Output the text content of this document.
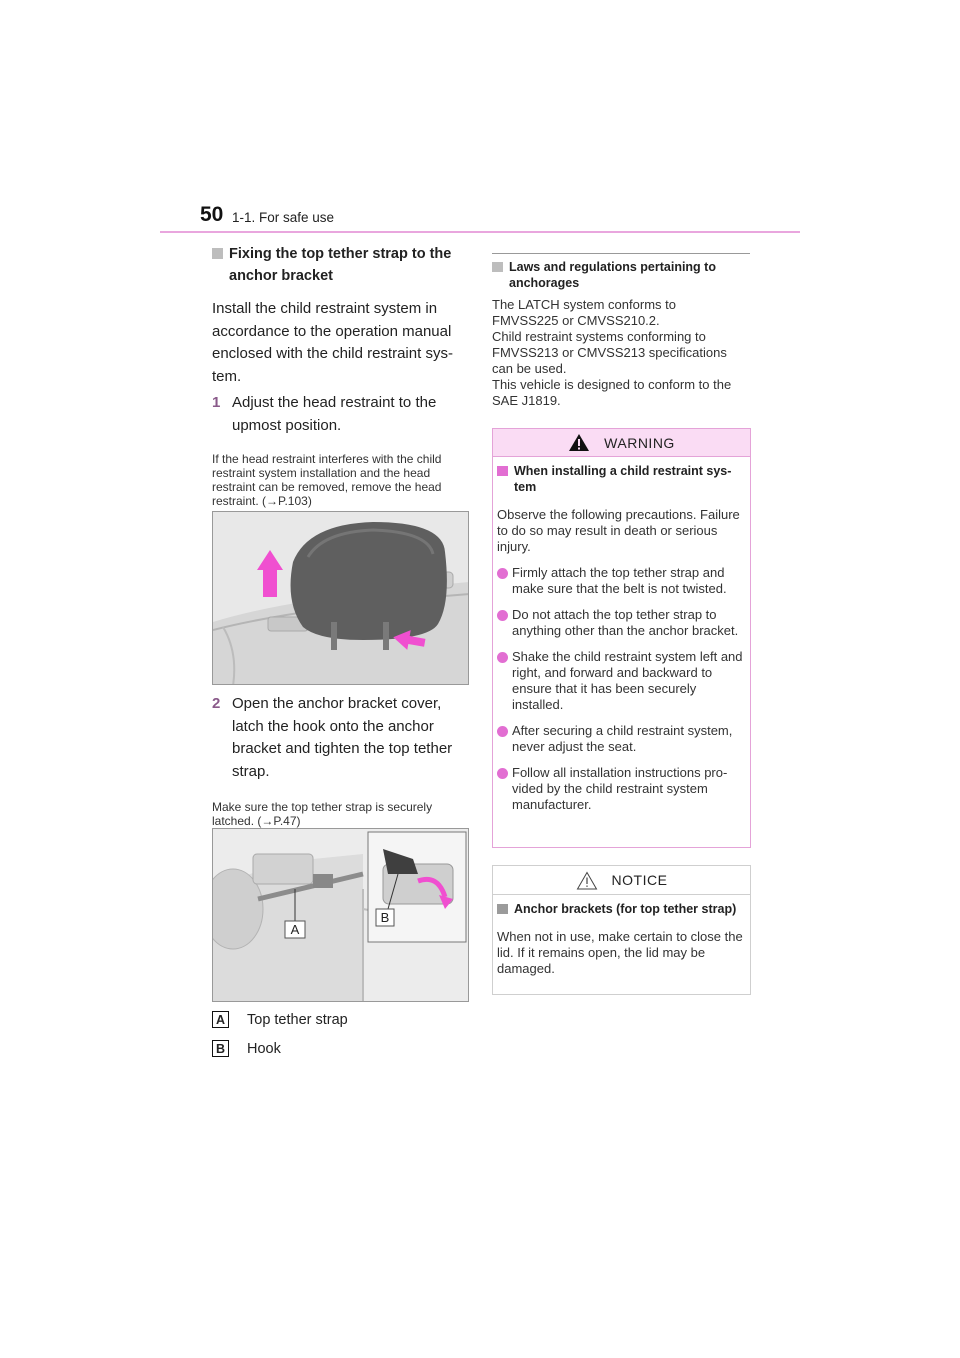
50 1-1. For safe use
Fixing the top tether strap to the
anchor bracket

Install the child restraint system in accordance to the operation manual enclosed with the child restraint sys- tem.

1 Adjust the head restraint to the upmost position.

If the head restraint interferes with the child restraint system installation and the head restraint can be removed, remove the head restraint. (→P.103)

2 Open the anchor bracket cover, latch the hook onto the anchor bracket and tighten the top tether strap.

Make sure the top tether strap is securely latched. (→P.47)

A
B
A Top tether strap
B Hook
Laws and regulations pertaining to
anchorages
The LATCH system conforms to
FMVSS225 or CMVSS210.2.
Child restraint systems conforming to
FMVSS213 or CMVSS213 specifications
can be used.
This vehicle is designed to conform to the
SAE J1819.
WARNING
When installing a child restraint sys- tem

Observe the following precautions. Failure to do so may result in death or serious injury.

Firmly attach the top tether strap and make sure that the belt is not twisted.
Do not attach the top tether strap to anything other than the anchor bracket.
Shake the child restraint system left and right, and forward and backward to ensure that it has been securely installed.
After securing a child restraint system, never adjust the seat.
Follow all installation instructions pro- vided by the child restraint system manufacturer.
NOTICE
Anchor brackets (for top tether strap)

When not in use, make certain to close the lid. If it remains open, the lid may be damaged.
